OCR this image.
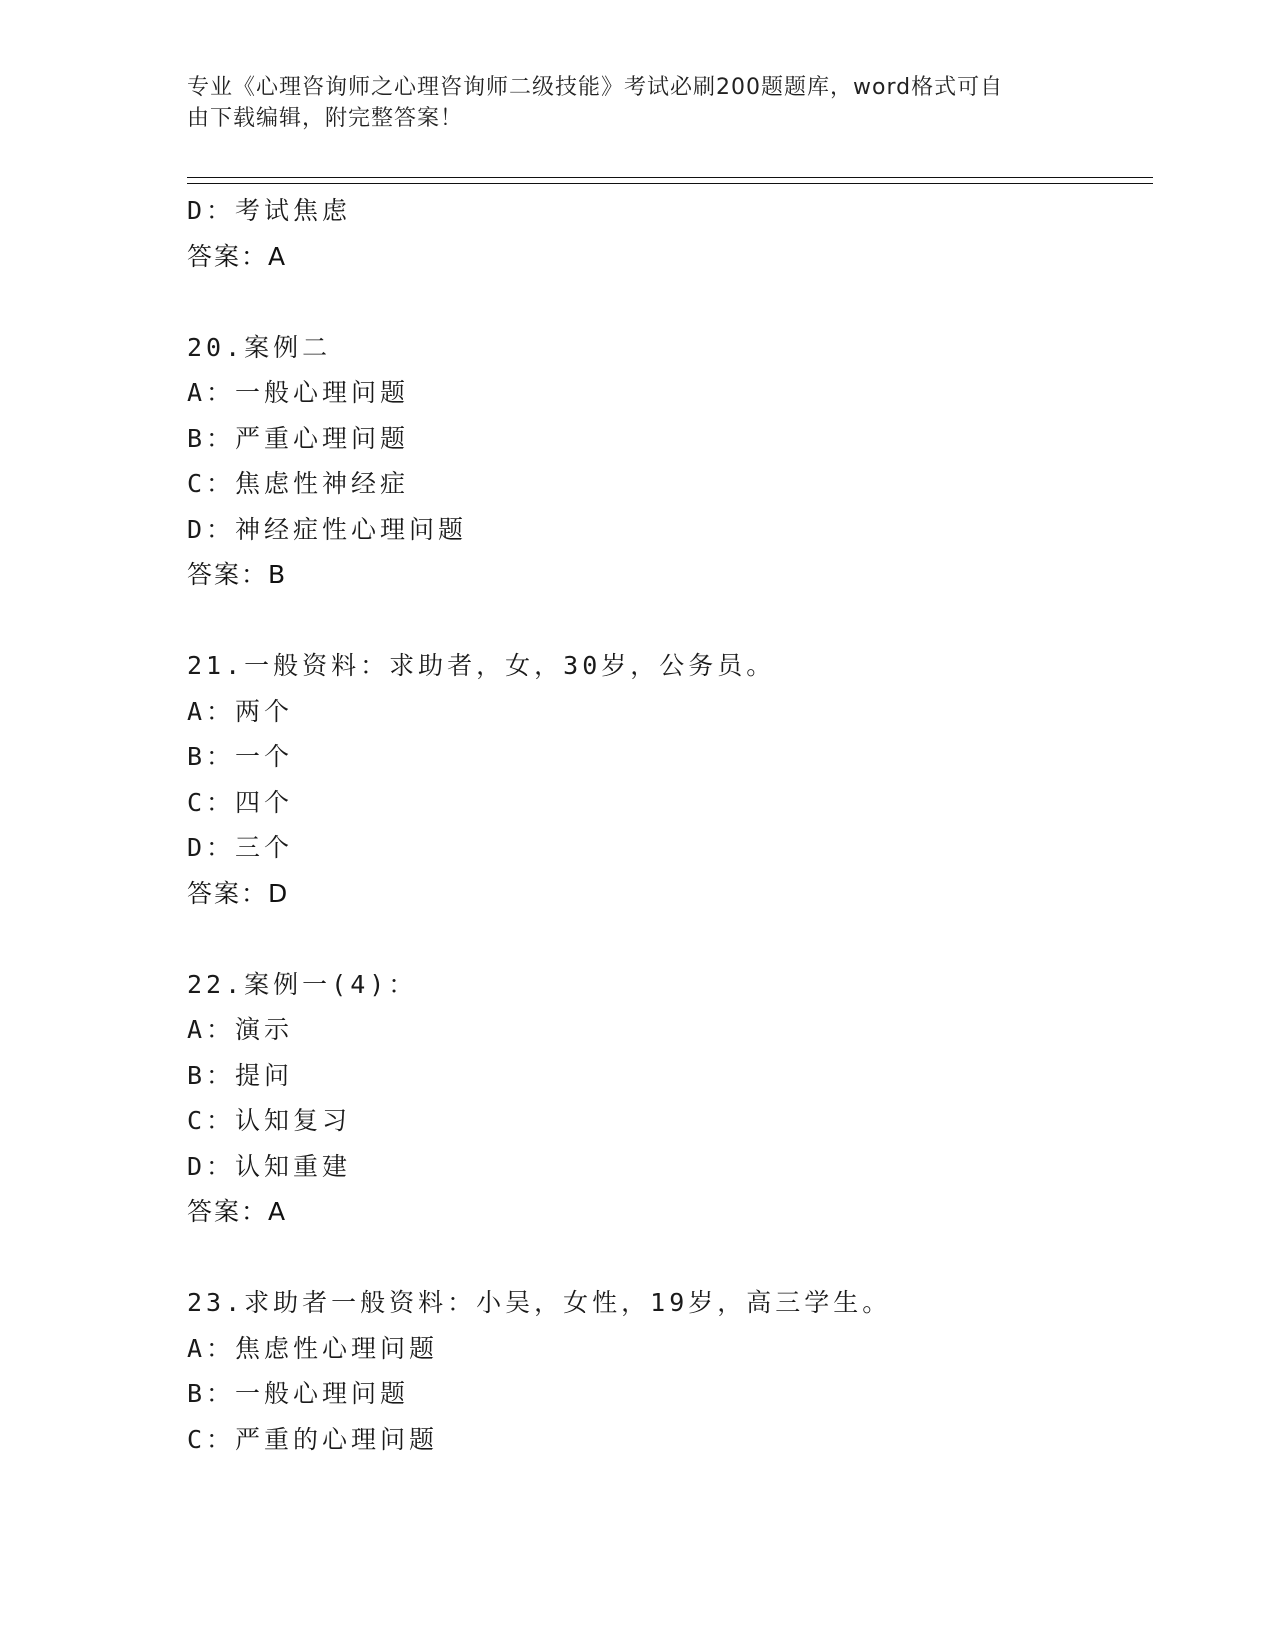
专业《心理咨询师之心理咨询师二级技能》考试必刷200题题库，word格式可自
由下载编辑，附完整答案！
D：考试焦虑
答案：A
20.案例二
A：一般心理问题
B：严重心理问题
C：焦虑性神经症
D：神经症性心理问题
答案：B
21.一般资料：求助者，女，30岁，公务员。
A：两个
B：一个
C：四个
D：三个
答案：D
22.案例一(4)：
A：演示
B：提问
C：认知复习
D：认知重建
答案：A
23.求助者一般资料：小吴，女性，19岁，高三学生。
A：焦虑性心理问题
B：一般心理问题
C：严重的心理问题
